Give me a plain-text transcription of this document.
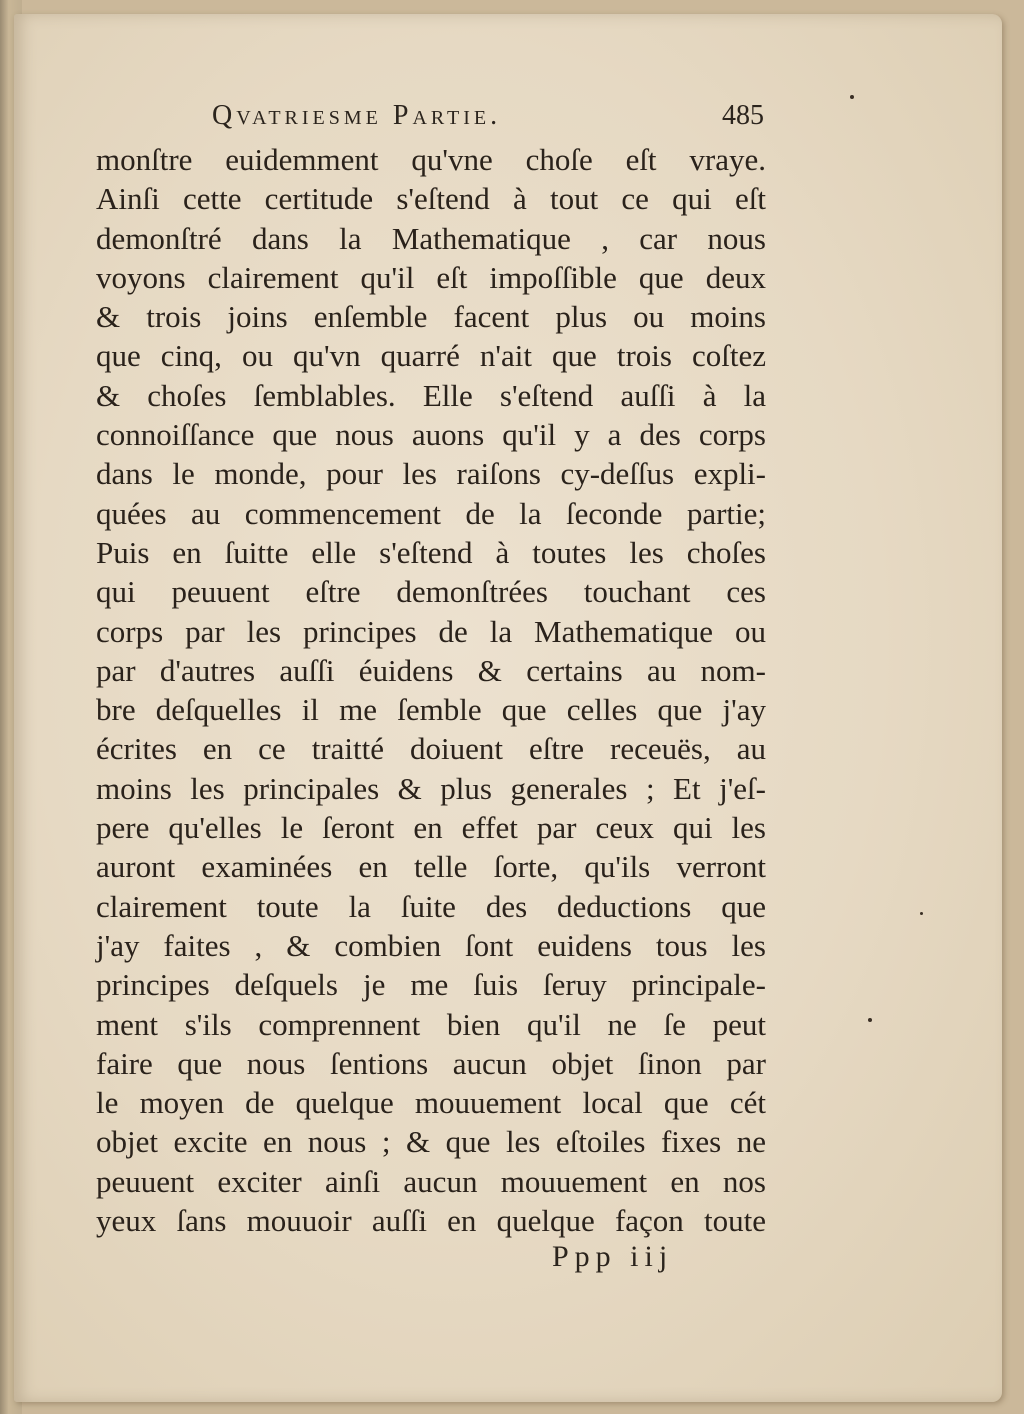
Qvatriesme Partie.	485
monſtre euidemment qu'vne choſe eſt vraye.
Ainſi cette certitude s'eſtend à tout ce qui eſt
demonſtré dans la Mathematique , car nous
voyons clairement qu'il eſt impoſſible que deux
& trois joins enſemble facent plus ou moins
que cinq, ou qu'vn quarré n'ait que trois coſtez
& choſes ſemblables. Elle s'eſtend auſſi à la
connoiſſance que nous auons qu'il y a des corps
dans le monde, pour les raiſons cy-deſſus expli-
quées au commencement de la ſeconde partie;
Puis en ſuitte elle s'eſtend à toutes les choſes
qui peuuent eſtre demonſtrées touchant ces
corps par les principes de la Mathematique ou
par d'autres auſſi éuidens & certains au nom-
bre deſquelles il me ſemble que celles que j'ay
écrites en ce traitté doiuent eſtre receuës, au
moins les principales & plus generales ; Et j'eſ-
pere qu'elles le ſeront en effet par ceux qui les
auront examinées en telle ſorte, qu'ils verront
clairement toute la ſuite des deductions que
j'ay faites , & combien ſont euidens tous les
principes deſquels je me ſuis ſeruy principale-
ment s'ils comprennent bien qu'il ne ſe peut
faire que nous ſentions aucun objet ſinon par
le moyen de quelque mouuement local que cét
objet excite en nous ; & que les eſtoiles fixes ne
peuuent exciter ainſi aucun mouuement en nos
yeux ſans mouuoir auſſi en quelque façon toute
Ppp iij
